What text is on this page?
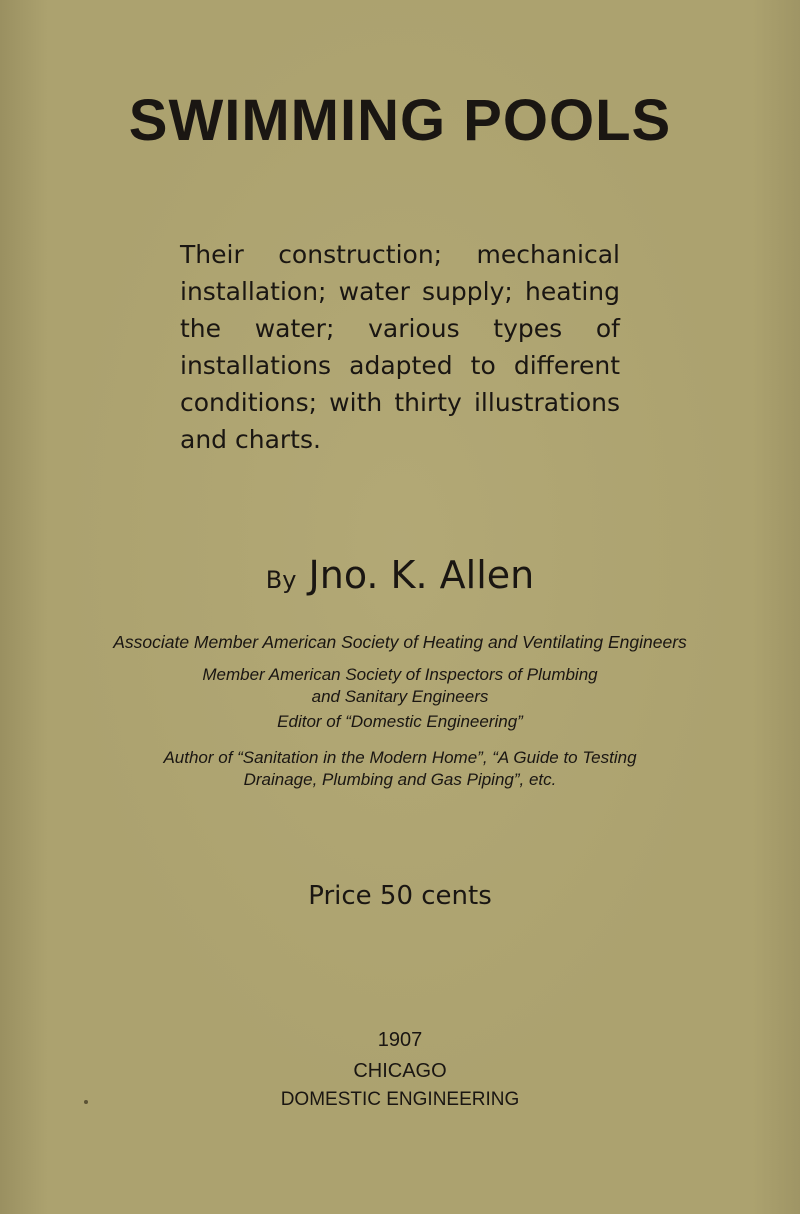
SWIMMING POOLS

Their construction; mechanical installation; water supply; heating the water; various types of installations adapted to different conditions; with thirty illustrations and charts.

By Jno. K. Allen

Associate Member American Society of Heating and Ventilating Engineers

Member American Society of Inspectors of Plumbing and Sanitary Engineers

Editor of “Domestic Engineering”

Author of “Sanitation in the Modern Home”, “A Guide to Testing Drainage, Plumbing and Gas Piping”, etc.

Price 50 cents

1907

CHICAGO

DOMESTIC ENGINEERING
